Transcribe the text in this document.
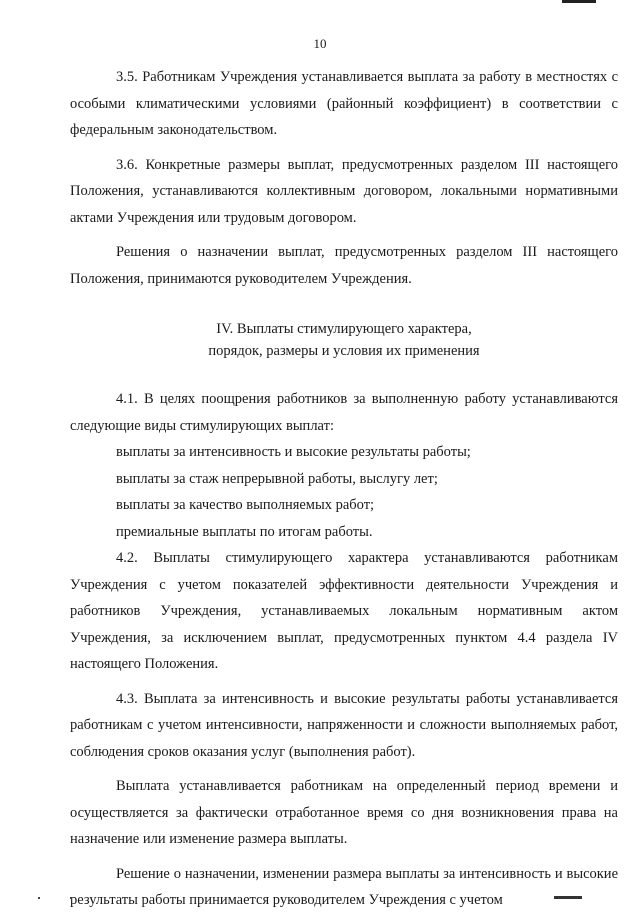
10

3.5. Работникам Учреждения устанавливается выплата за работу в местностях с особыми климатическими условиями (районный коэффициент) в соответствии с федеральным законодательством.

3.6. Конкретные размеры выплат, предусмотренных разделом III настоящего Положения, устанавливаются коллективным договором, локальными нормативными актами Учреждения или трудовым договором.

Решения о назначении выплат, предусмотренных разделом III настоящего Положения, принимаются руководителем Учреждения.

IV. Выплаты стимулирующего характера,
порядок, размеры и условия их применения

4.1. В целях поощрения работников за выполненную работу устанавливаются следующие виды стимулирующих выплат:

выплаты за интенсивность и высокие результаты работы;

выплаты за стаж непрерывной работы, выслугу лет;

выплаты за качество выполняемых работ;

премиальные выплаты по итогам работы.

4.2. Выплаты стимулирующего характера устанавливаются работникам Учреждения с учетом показателей эффективности деятельности Учреждения и работников Учреждения, устанавливаемых локальным нормативным актом Учреждения, за исключением выплат, предусмотренных пунктом 4.4 раздела IV настоящего Положения.

4.3. Выплата за интенсивность и высокие результаты работы устанавливается работникам с учетом интенсивности, напряженности и сложности выполняемых работ, соблюдения сроков оказания услуг (выполнения работ).

Выплата устанавливается работникам на определенный период времени и осуществляется за фактически отработанное время со дня возникновения права на назначение или изменение размера выплаты.

Решение о назначении, изменении размера выплаты за интенсивность и высокие результаты работы принимается руководителем Учреждения с учетом
